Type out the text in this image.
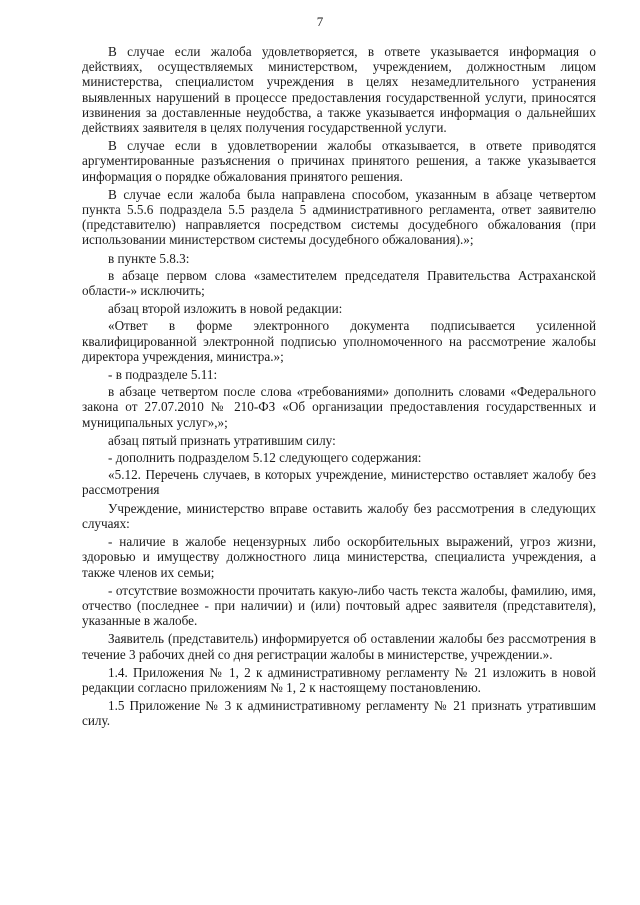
7

В случае если жалоба удовлетворяется, в ответе указывается информация о действиях, осуществляемых министерством, учреждением, должностным лицом министерства, специалистом учреждения в целях незамедлительного устранения выявленных нарушений в процессе предоставления государственной услуги, приносятся извинения за доставленные неудобства, а также указывается информация о дальнейших действиях заявителя в целях получения государственной услуги.

В случае если в удовлетворении жалобы отказывается, в ответе приводятся аргументированные разъяснения о причинах принятого решения, а также указывается информация о порядке обжалования принятого решения.

В случае если жалоба была направлена способом, указанным в абзаце четвертом пункта 5.5.6 подраздела 5.5 раздела 5 административного регламента, ответ заявителю (представителю) направляется посредством системы досудебного обжалования (при использовании министерством системы досудебного обжалования).»;

в пункте 5.8.3:

в абзаце первом слова «заместителем председателя Правительства Астраханской области-» исключить;

абзац второй изложить в новой редакции:

«Ответ в форме электронного документа подписывается усиленной квалифицированной электронной подписью уполномоченного на рассмотрение жалобы директора учреждения, министра.»;

- в подразделе 5.11:

в абзаце четвертом после слова «требованиями» дополнить словами «Федерального закона от 27.07.2010 № 210-ФЗ «Об организации предоставления государственных и муниципальных услуг»,»;

абзац пятый признать утратившим силу:

- дополнить подразделом 5.12 следующего содержания:

«5.12. Перечень случаев, в которых учреждение, министерство оставляет жалобу без рассмотрения

Учреждение, министерство вправе оставить жалобу без рассмотрения в следующих случаях:

- наличие в жалобе нецензурных либо оскорбительных выражений, угроз жизни, здоровью и имуществу должностного лица министерства, специалиста учреждения, а также членов их семьи;

- отсутствие возможности прочитать какую-либо часть текста жалобы, фамилию, имя, отчество (последнее - при наличии) и (или) почтовый адрес заявителя (представителя), указанные в жалобе.

Заявитель (представитель) информируется об оставлении жалобы без рассмотрения в течение 3 рабочих дней со дня регистрации жалобы в министерстве, учреждении.».

1.4. Приложения № 1, 2 к административному регламенту № 21 изложить в новой редакции согласно приложениям № 1, 2 к настоящему постановлению.

1.5 Приложение № 3 к административному регламенту № 21 признать утратившим силу.
